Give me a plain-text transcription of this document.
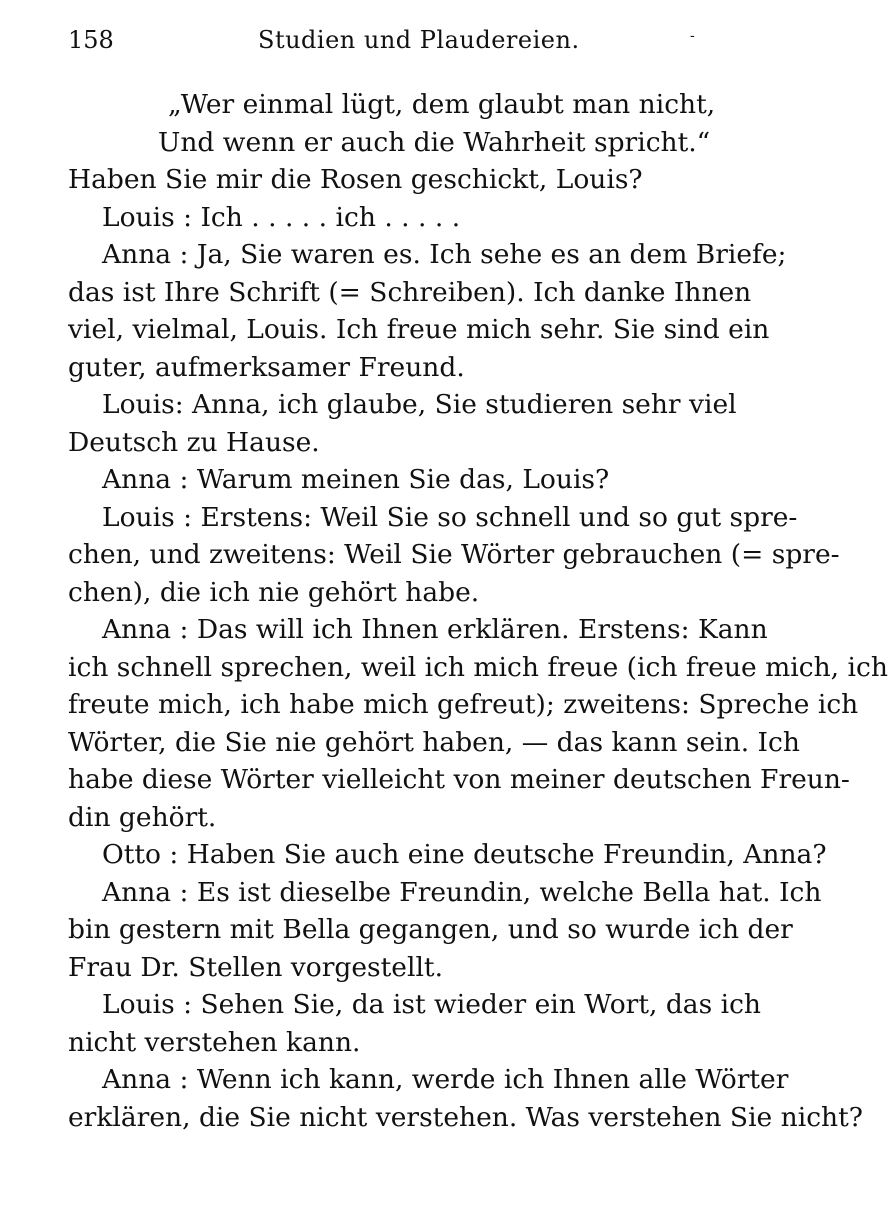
158	Studien und Plaudereien.	-
„Wer einmal lügt, dem glaubt man nicht,
Und wenn er auch die Wahrheit spricht.“
Haben Sie mir die Rosen geschickt, Louis?
Louis : Ich . . . . . ich . . . . .
Anna : Ja, Sie waren es. Ich sehe es an dem Briefe;
das ist Ihre Schrift (= Schreiben). Ich danke Ihnen
viel, vielmal, Louis. Ich freue mich sehr. Sie sind ein
guter, aufmerksamer Freund.
Louis: Anna, ich glaube, Sie studieren sehr viel
Deutsch zu Hause.
Anna : Warum meinen Sie das, Louis?
Louis : Erstens: Weil Sie so schnell und so gut spre-
chen, und zweitens: Weil Sie Wörter gebrauchen (= spre-
chen), die ich nie gehört habe.
Anna : Das will ich Ihnen erklären. Erstens: Kann
ich schnell sprechen, weil ich mich freue (ich freue mich, ich
freute mich, ich habe mich gefreut); zweitens: Spreche ich
Wörter, die Sie nie gehört haben, — das kann sein. Ich
habe diese Wörter vielleicht von meiner deutschen Freun-
din gehört.
Otto : Haben Sie auch eine deutsche Freundin, Anna?
Anna : Es ist dieselbe Freundin, welche Bella hat. Ich
bin gestern mit Bella gegangen, und so wurde ich der
Frau Dr. Stellen vorgestellt.
Louis : Sehen Sie, da ist wieder ein Wort, das ich
nicht verstehen kann.
Anna : Wenn ich kann, werde ich Ihnen alle Wörter
erklären, die Sie nicht verstehen. Was verstehen Sie nicht?
